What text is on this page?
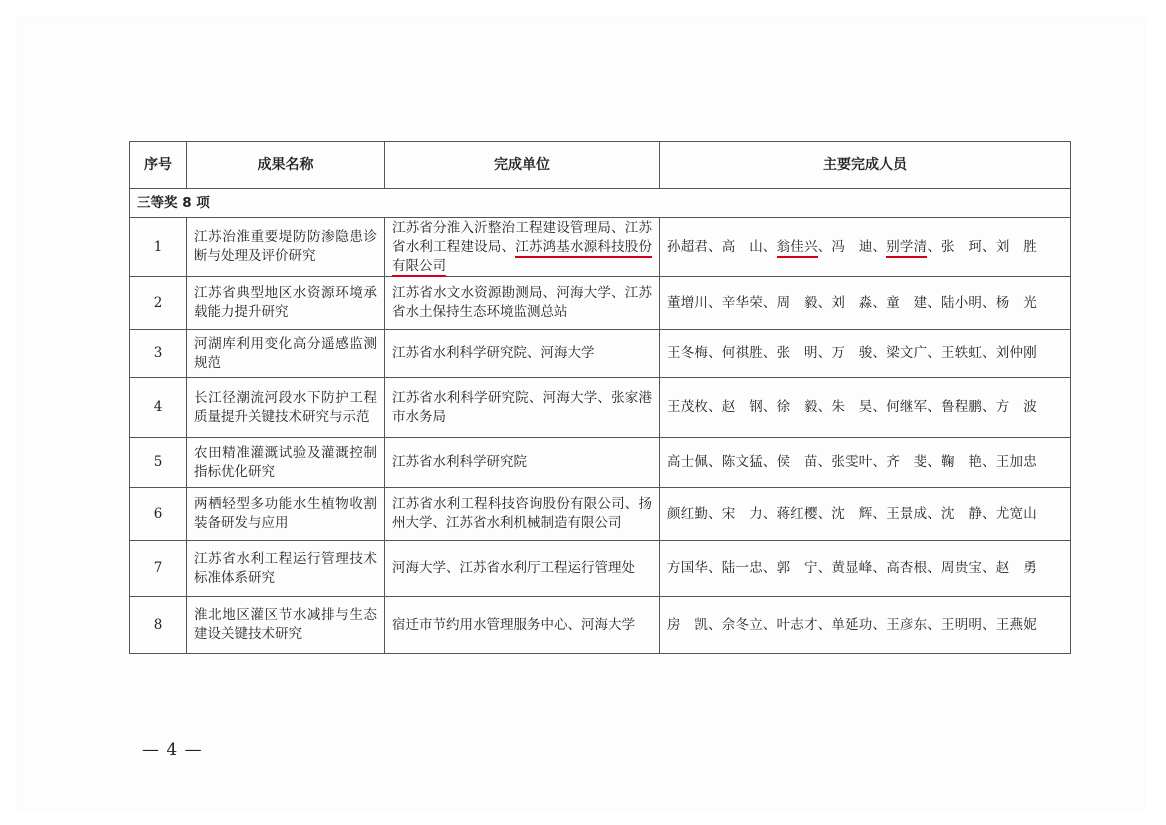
序号	成果名称	完成单位	主要完成人员
三等奖 8 项			
1	江苏治淮重要堤防防渗隐患诊断与处理及评价研究	江苏省分淮入沂整治工程建设管理局、江苏省水利工程建设局、江苏鸿基水源科技股份有限公司	孙超君、高　山、翁佳兴、冯　迪、别学清、张　珂、刘　胜
2	江苏省典型地区水资源环境承载能力提升研究	江苏省水文水资源勘测局、河海大学、江苏省水土保持生态环境监测总站	董增川、辛华荣、周　毅、刘　淼、童　建、陆小明、杨　光
3	河湖库利用变化高分遥感监测规范	江苏省水利科学研究院、河海大学	王冬梅、何祺胜、张　明、万　骏、梁文广、王轶虹、刘仲刚
4	长江径潮流河段水下防护工程质量提升关键技术研究与示范	江苏省水利科学研究院、河海大学、张家港市水务局	王茂枚、赵　钢、徐　毅、朱　昊、何继军、鲁程鹏、方　波
5	农田精准灌溉试验及灌溉控制指标优化研究	江苏省水利科学研究院	高士佩、陈文猛、侯　苗、张雯叶、齐　斐、鞠　艳、王加忠
6	两栖轻型多功能水生植物收割装备研发与应用	江苏省水利工程科技咨询股份有限公司、扬州大学、江苏省水利机械制造有限公司	颜红勤、宋　力、蒋红樱、沈　辉、王景成、沈　静、尤宽山
7	江苏省水利工程运行管理技术标准体系研究	河海大学、江苏省水利厅工程运行管理处	方国华、陆一忠、郭　宁、黄显峰、高杏根、周贵宝、赵　勇
8	淮北地区灌区节水减排与生态建设关键技术研究	宿迁市节约用水管理服务中心、河海大学	房　凯、佘冬立、叶志才、单延功、王彦东、王明明、王燕妮
— 4 —
